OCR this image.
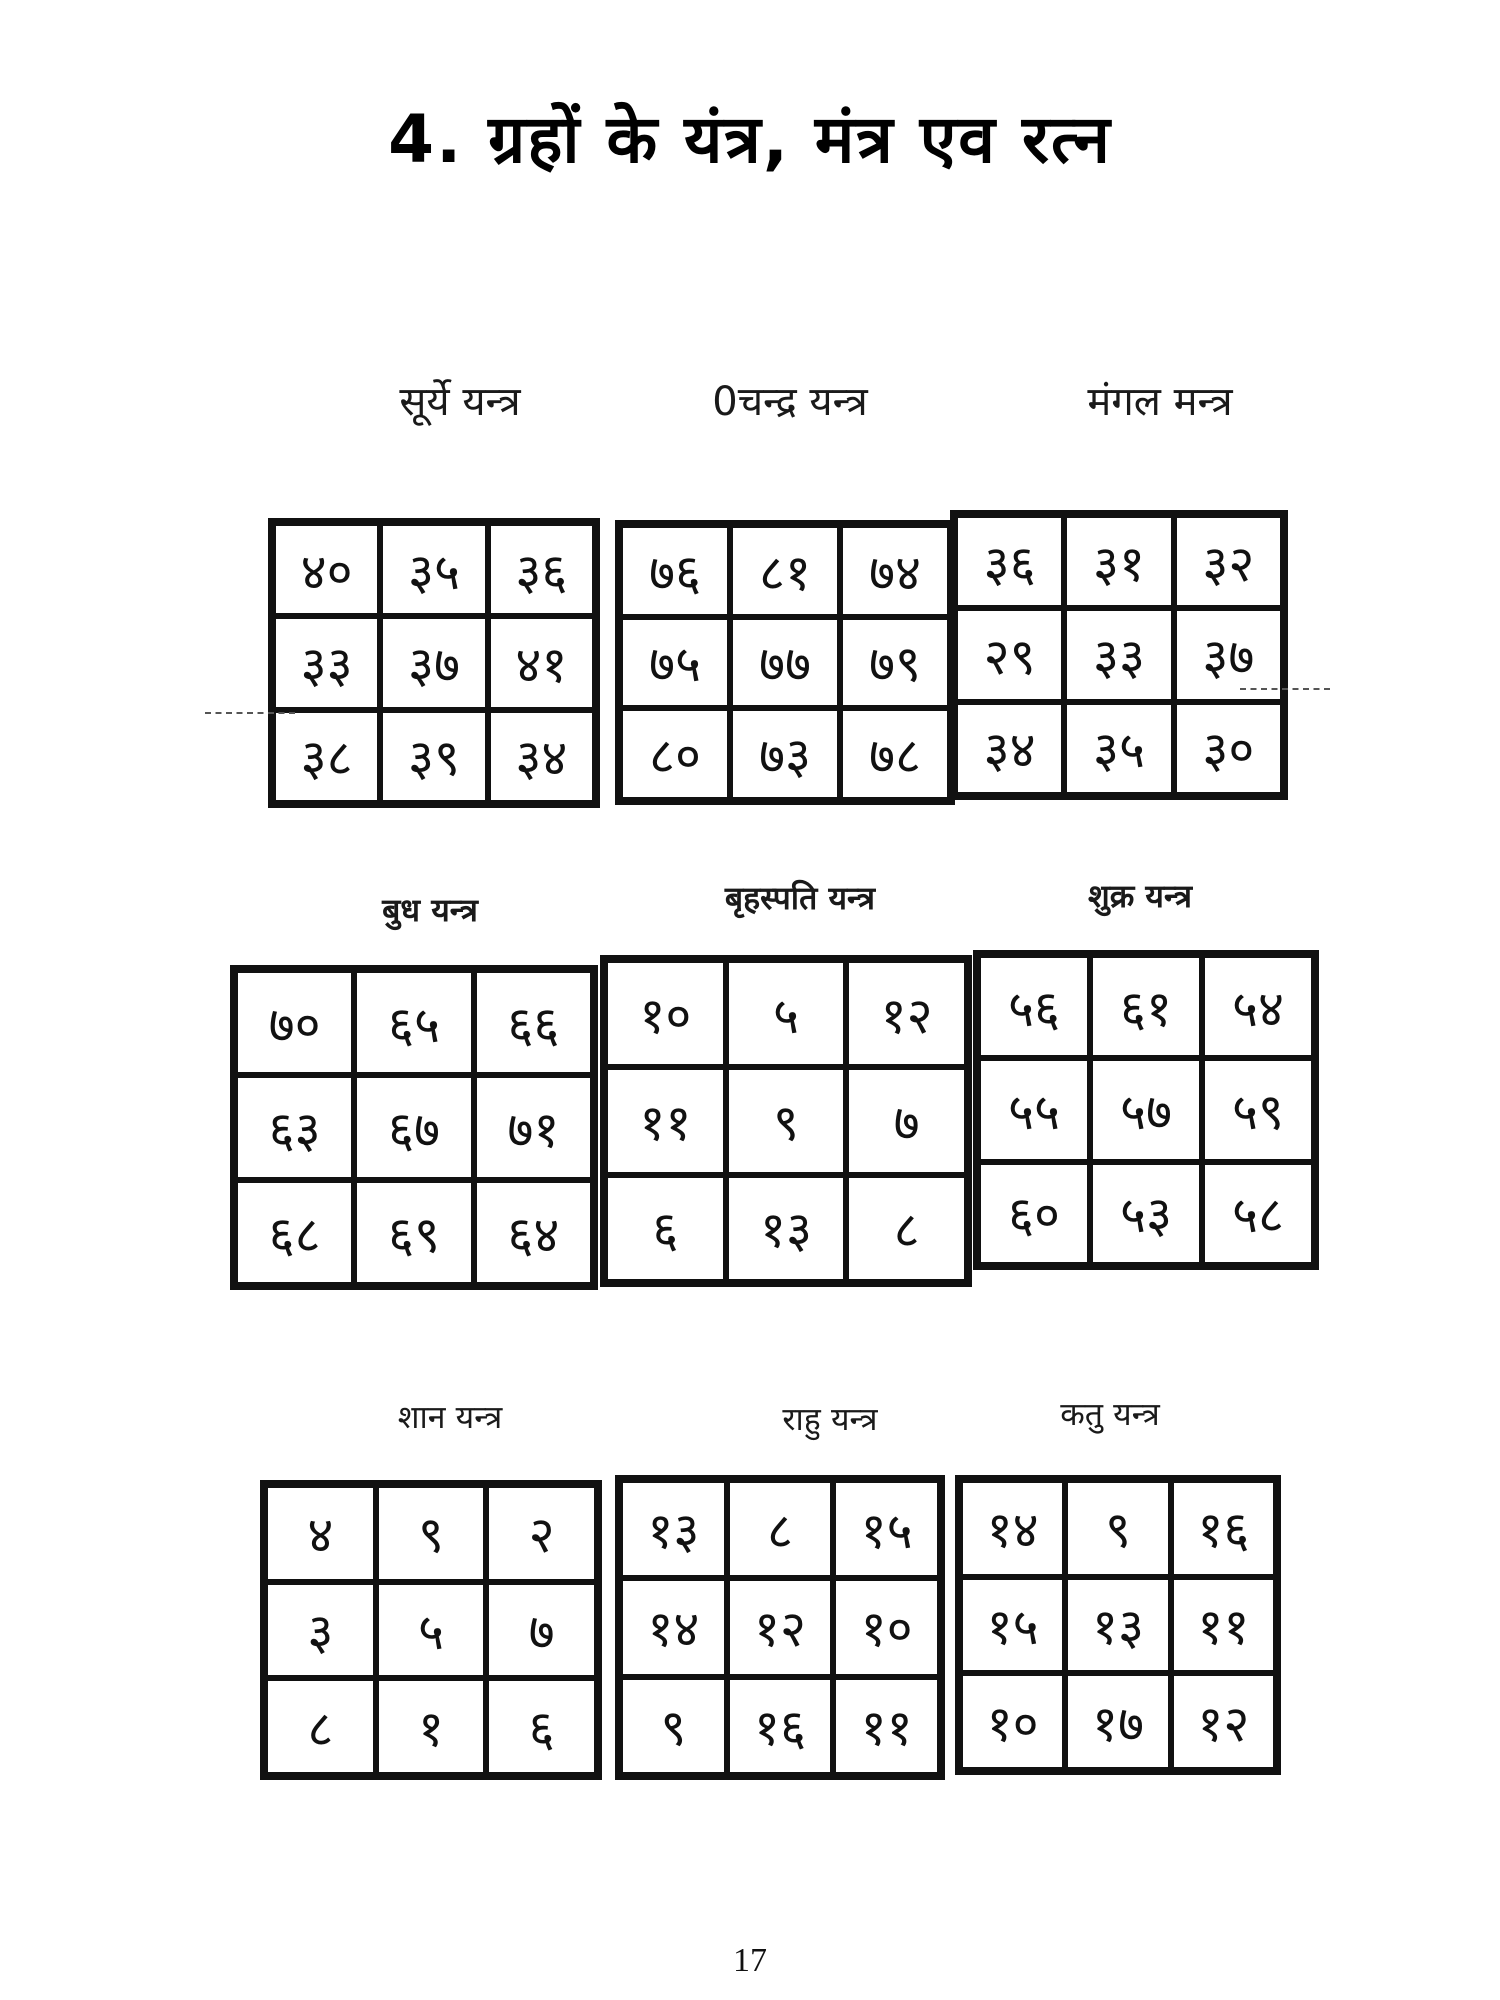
4. ग्रहों के यंत्र, मंत्र एव रत्न
सूर्ये यन्त्र	0चन्द्र यन्त्र	मंगल मन्त्र
४०	३५	३६
३३	३७	४१
३८	३९	३४
७६	८१	७४
७५	७७	७९
८०	७३	७८
३६	३१	३२
२९	३३	३७
३४	३५	३०
बुध यन्त्र	बृहस्पति यन्त्र	शुक्र यन्त्र
७०	६५	६६
६३	६७	७१
६८	६९	६४
१०	५	१२
११	९	७
६	१३	८
५६	६१	५४
५५	५७	५९
६०	५३	५८
शान यन्त्र	राहु यन्त्र	कतु यन्त्र
४	९	२
३	५	७
८	१	६
१३	८	१५
१४	१२	१०
९	१६	११
१४	९	१६
१५	१३	११
१०	१७	१२
17
